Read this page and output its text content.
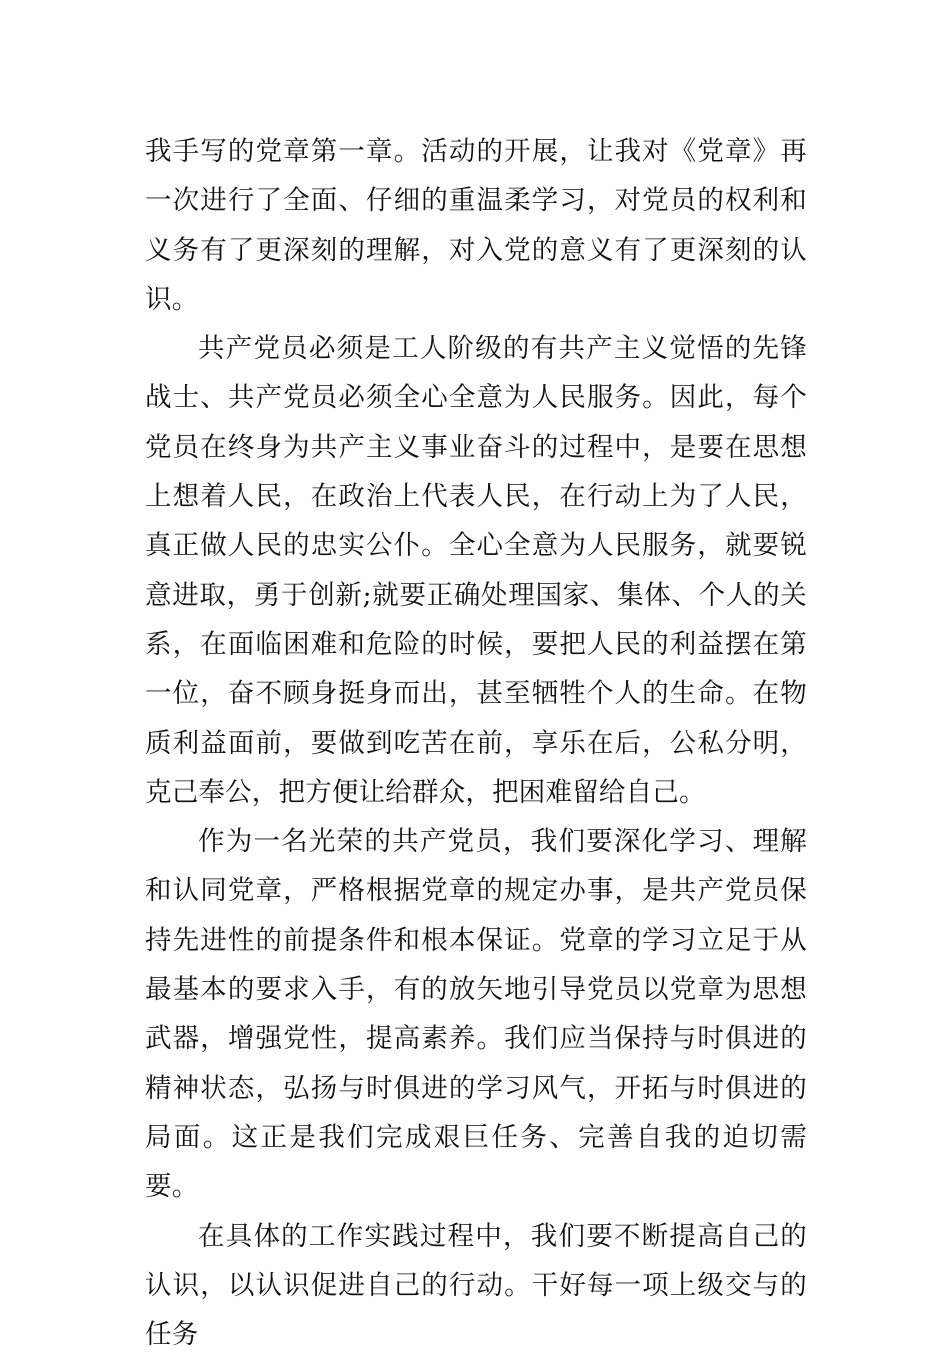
我手写的党章第一章。活动的开展，让我对《党章》再一次进行了全面、仔细的重温柔学习，对党员的权利和义务有了更深刻的理解，对入党的意义有了更深刻的认识。

共产党员必须是工人阶级的有共产主义觉悟的先锋战士、共产党员必须全心全意为人民服务。因此，每个党员在终身为共产主义事业奋斗的过程中，是要在思想上想着人民，在政治上代表人民，在行动上为了人民，真正做人民的忠实公仆。全心全意为人民服务，就要锐意进取，勇于创新;就要正确处理国家、集体、个人的关系，在面临困难和危险的时候，要把人民的利益摆在第一位，奋不顾身挺身而出，甚至牺牲个人的生命。在物质利益面前，要做到吃苦在前，享乐在后，公私分明，克己奉公，把方便让给群众，把困难留给自己。

作为一名光荣的共产党员，我们要深化学习、理解和认同党章，严格根据党章的规定办事，是共产党员保持先进性的前提条件和根本保证。党章的学习立足于从最基本的要求入手，有的放矢地引导党员以党章为思想武器，增强党性，提高素养。我们应当保持与时俱进的精神状态，弘扬与时俱进的学习风气，开拓与时俱进的局面。这正是我们完成艰巨任务、完善自我的迫切需要。

在具体的工作实践过程中，我们要不断提高自己的认识，以认识促进自己的行动。干好每一项上级交与的任务
